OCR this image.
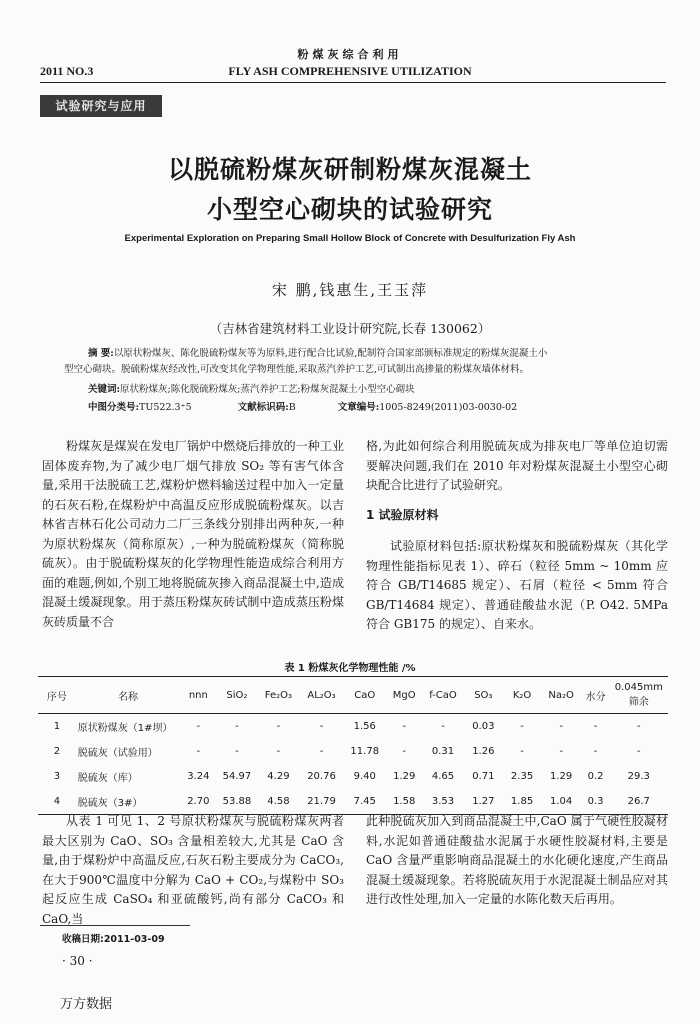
粉煤灰综合利用
2011 NO.3	FLY ASH COMPREHENSIVE UTILIZATION
试验研究与应用
以脱硫粉煤灰研制粉煤灰混凝土
小型空心砌块的试验研究
Experimental Exploration on Preparing Small Hollow Block of Concrete with Desulfurization Fly Ash
宋 鹏,钱惠生,王玉萍
（吉林省建筑材料工业设计研究院,长春 130062）
摘 要:以原状粉煤灰、陈化脱硫粉煤灰等为原料,进行配合比试验,配制符合国家部颁标准规定的粉煤灰混凝土小
型空心砌块。脱硫粉煤灰经改性,可改变其化学物理性能,采取蒸汽养护工艺,可试制出高掺量的粉煤灰墙体材料。
关键词:原状粉煤灰;陈化脱硫粉煤灰;蒸汽养护工艺;粉煤灰混凝土小型空心砌块
中图分类号:TU522.3⁺5	文献标识码:B	文章编号:1005-8249(2011)03-0030-02

粉煤灰是煤炭在发电厂锅炉中燃烧后排放的一种工业固体废弃物,为了减少电厂烟气排放 SO₂ 等有害气体含量,采用干法脱硫工艺,煤粉炉燃料输送过程中加入一定量的石灰石粉,在煤粉炉中高温反应形成脱硫粉煤灰。以吉林省吉林石化公司动力二厂三条线分别排出两种灰,一种为原状粉煤灰（简称原灰）,一种为脱硫粉煤灰（简称脱硫灰）。由于脱硫粉煤灰的化学物理性能造成综合利用方面的难题,例如,个别工地将脱硫灰掺入商品混凝土中,造成混凝土缓凝现象。用于蒸压粉煤灰砖试制中造成蒸压粉煤灰砖质量不合

格,为此如何综合利用脱硫灰成为排灰电厂等单位迫切需要解决问题,我们在 2010 年对粉煤灰混凝土小型空心砌块配合比进行了试验研究。

1 试验原材料

试验原材料包括:原状粉煤灰和脱硫粉煤灰（其化学物理性能指标见表 1）、碎石（粒径 5mm ~ 10mm 应符合 GB/T14685 规定）、石屑（粒径 < 5mm 符合 GB/T14684 规定）、普通硅酸盐水泥（P. O42. 5MPa 符合 GB175 的规定）、自来水。

表 1 粉煤灰化学物理性能 /%
序号	名称	nnn	SiO₂	Fe₂O₃	AL₂O₃	CaO	MgO	f-CaO	SO₃	K₂O	Na₂O	水分	0.045mm筛余
1	原状粉煤灰（1#坝）	-	-	-	-	1.56	-	-	0.03	-	-	-	-
2	脱硫灰（试验用）	-	-	-	-	11.78	-	0.31	1.26	-	-	-	-
3	脱硫灰（库）	3.24	54.97	4.29	20.76	9.40	1.29	4.65	0.71	2.35	1.29	0.2	29.3
4	脱硫灰（3#）	2.70	53.88	4.58	21.79	7.45	1.58	3.53	1.27	1.85	1.04	0.3	26.7

从表 1 可见 1、2 号原状粉煤灰与脱硫粉煤灰两者最大区别为 CaO、SO₃ 含量相差较大,尤其是 CaO 含量,由于煤粉炉中高温反应,石灰石粉主要成分为 CaCO₃,在大于900℃温度中分解为 CaO + CO₂,与煤粉中 SO₃ 起反应生成 CaSO₄ 和亚硫酸钙,尚有部分 CaCO₃ 和 CaO,当

此种脱硫灰加入到商品混凝土中,CaO 属于气硬性胶凝材料,水泥如普通硅酸盐水泥属于水硬性胶凝材料,主要是 CaO 含量严重影响商品混凝土的水化硬化速度,产生商品混凝土缓凝现象。若将脱硫灰用于水泥混凝土制品应对其进行改性处理,加入一定量的水陈化数天后再用。

收稿日期:2011-03-09
· 30 ·
万方数据
